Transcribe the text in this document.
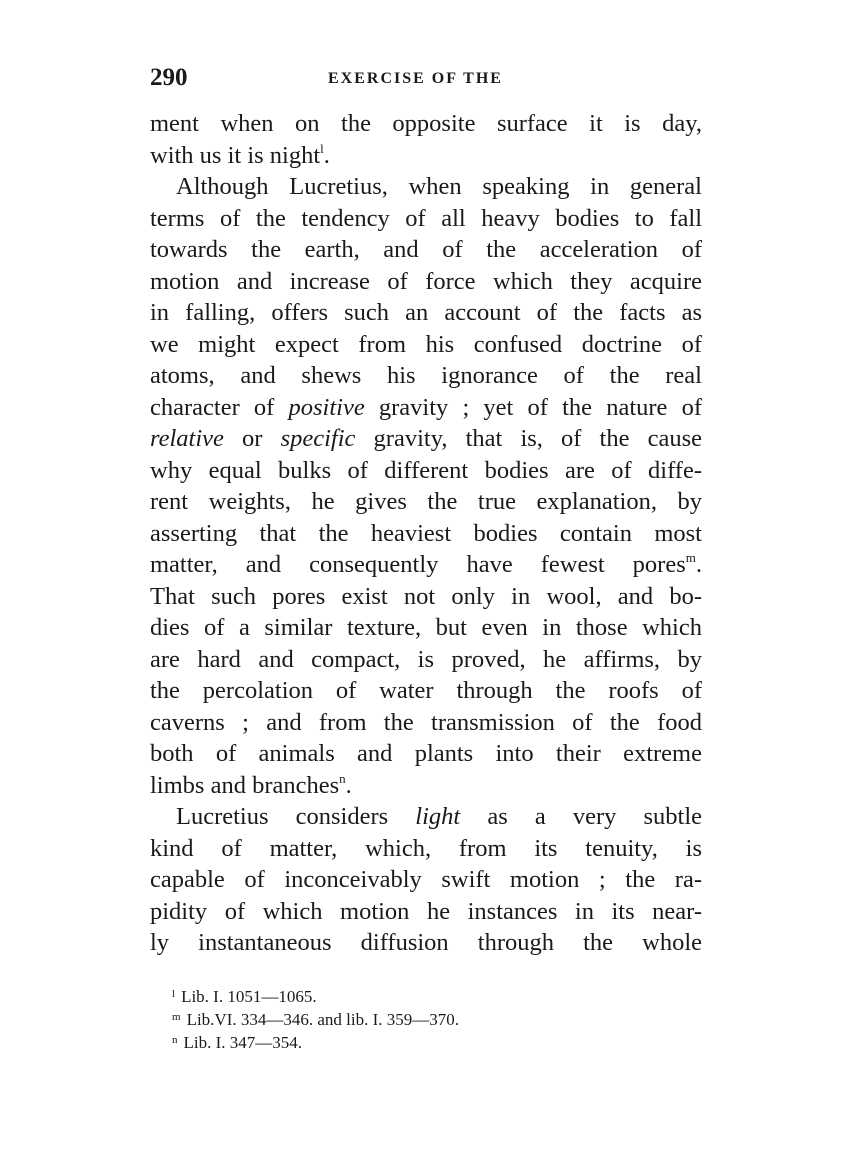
290	EXERCISE OF THE
ment when on the opposite surface it is day,
with us it is night$^l$.
Although Lucretius, when speaking in general
terms of the tendency of all heavy bodies to fall
towards the earth, and of the acceleration of
motion and increase of force which they acquire
in falling, offers such an account of the facts as
we might expect from his confused doctrine of
atoms, and shews his ignorance of the real
character of positive gravity ; yet of the nature of
relative or specific gravity, that is, of the cause
why equal bulks of different bodies are of diffe-
rent weights, he gives the true explanation, by
asserting that the heaviest bodies contain most
matter, and consequently have fewest pores$^m$.
That such pores exist not only in wool, and bo-
dies of a similar texture, but even in those which
are hard and compact, is proved, he affirms, by
the percolation of water through the roofs of
caverns ; and from the transmission of the food
both of animals and plants into their extreme
limbs and branches$^n$.
Lucretius considers light as a very subtle
kind of matter, which, from its tenuity, is
capable of inconceivably swift motion ; the ra-
pidity of which motion he instances in its near-
ly instantaneous diffusion through the whole
$^l$ Lib. I. 1051—1065.
$^m$ Lib.VI. 334—346. and lib. I. 359—370.
$^n$ Lib. I. 347—354.
